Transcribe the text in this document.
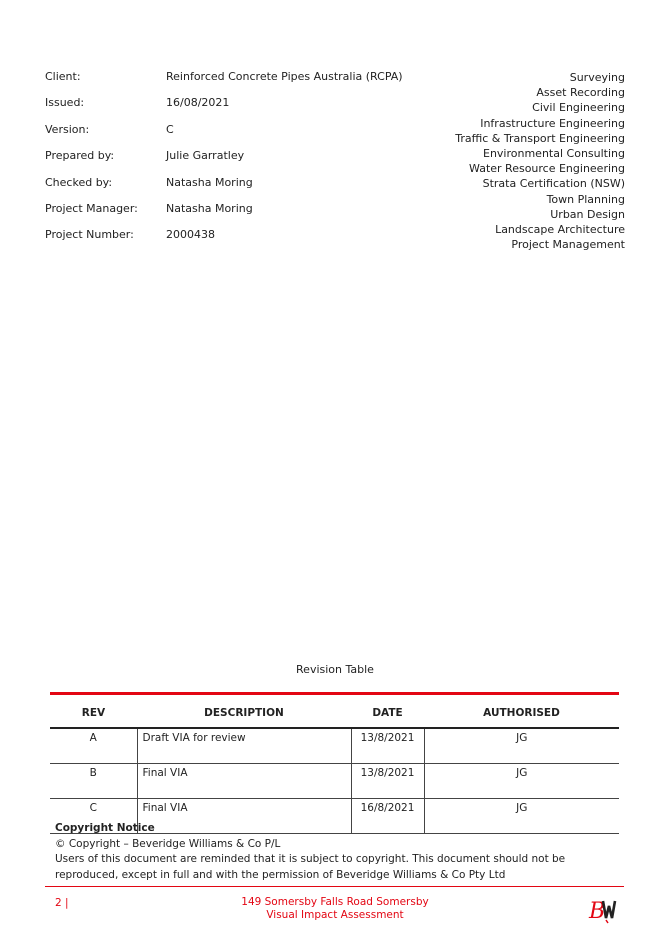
Client:	Reinforced Concrete Pipes Australia (RCPA)
Issued:	16/08/2021
Version:	C
Prepared by:	Julie Garratley
Checked by:	Natasha Moring
Project Manager:	Natasha Moring
Project Number:	2000438
Surveying
Asset Recording
Civil Engineering
Infrastructure Engineering
Traffic & Transport Engineering
Environmental Consulting
Water Resource Engineering
Strata Certification (NSW)
Town Planning
Urban Design
Landscape Architecture
Project Management
Revision Table
REV	DESCRIPTION	DATE	AUTHORISED
A	Draft VIA for review	13/8/2021	JG
B	Final VIA	13/8/2021	JG
C	Final VIA	16/8/2021	JG
Copyright Notice
© Copyright – Beveridge Williams & Co P/L
Users of this document are reminded that it is subject to copyright. This document should not be reproduced, except in full and with the permission of Beveridge Williams & Co Pty Ltd
2 |	149 Somersby Falls Road Somersby
Visual Impact Assessment	B
